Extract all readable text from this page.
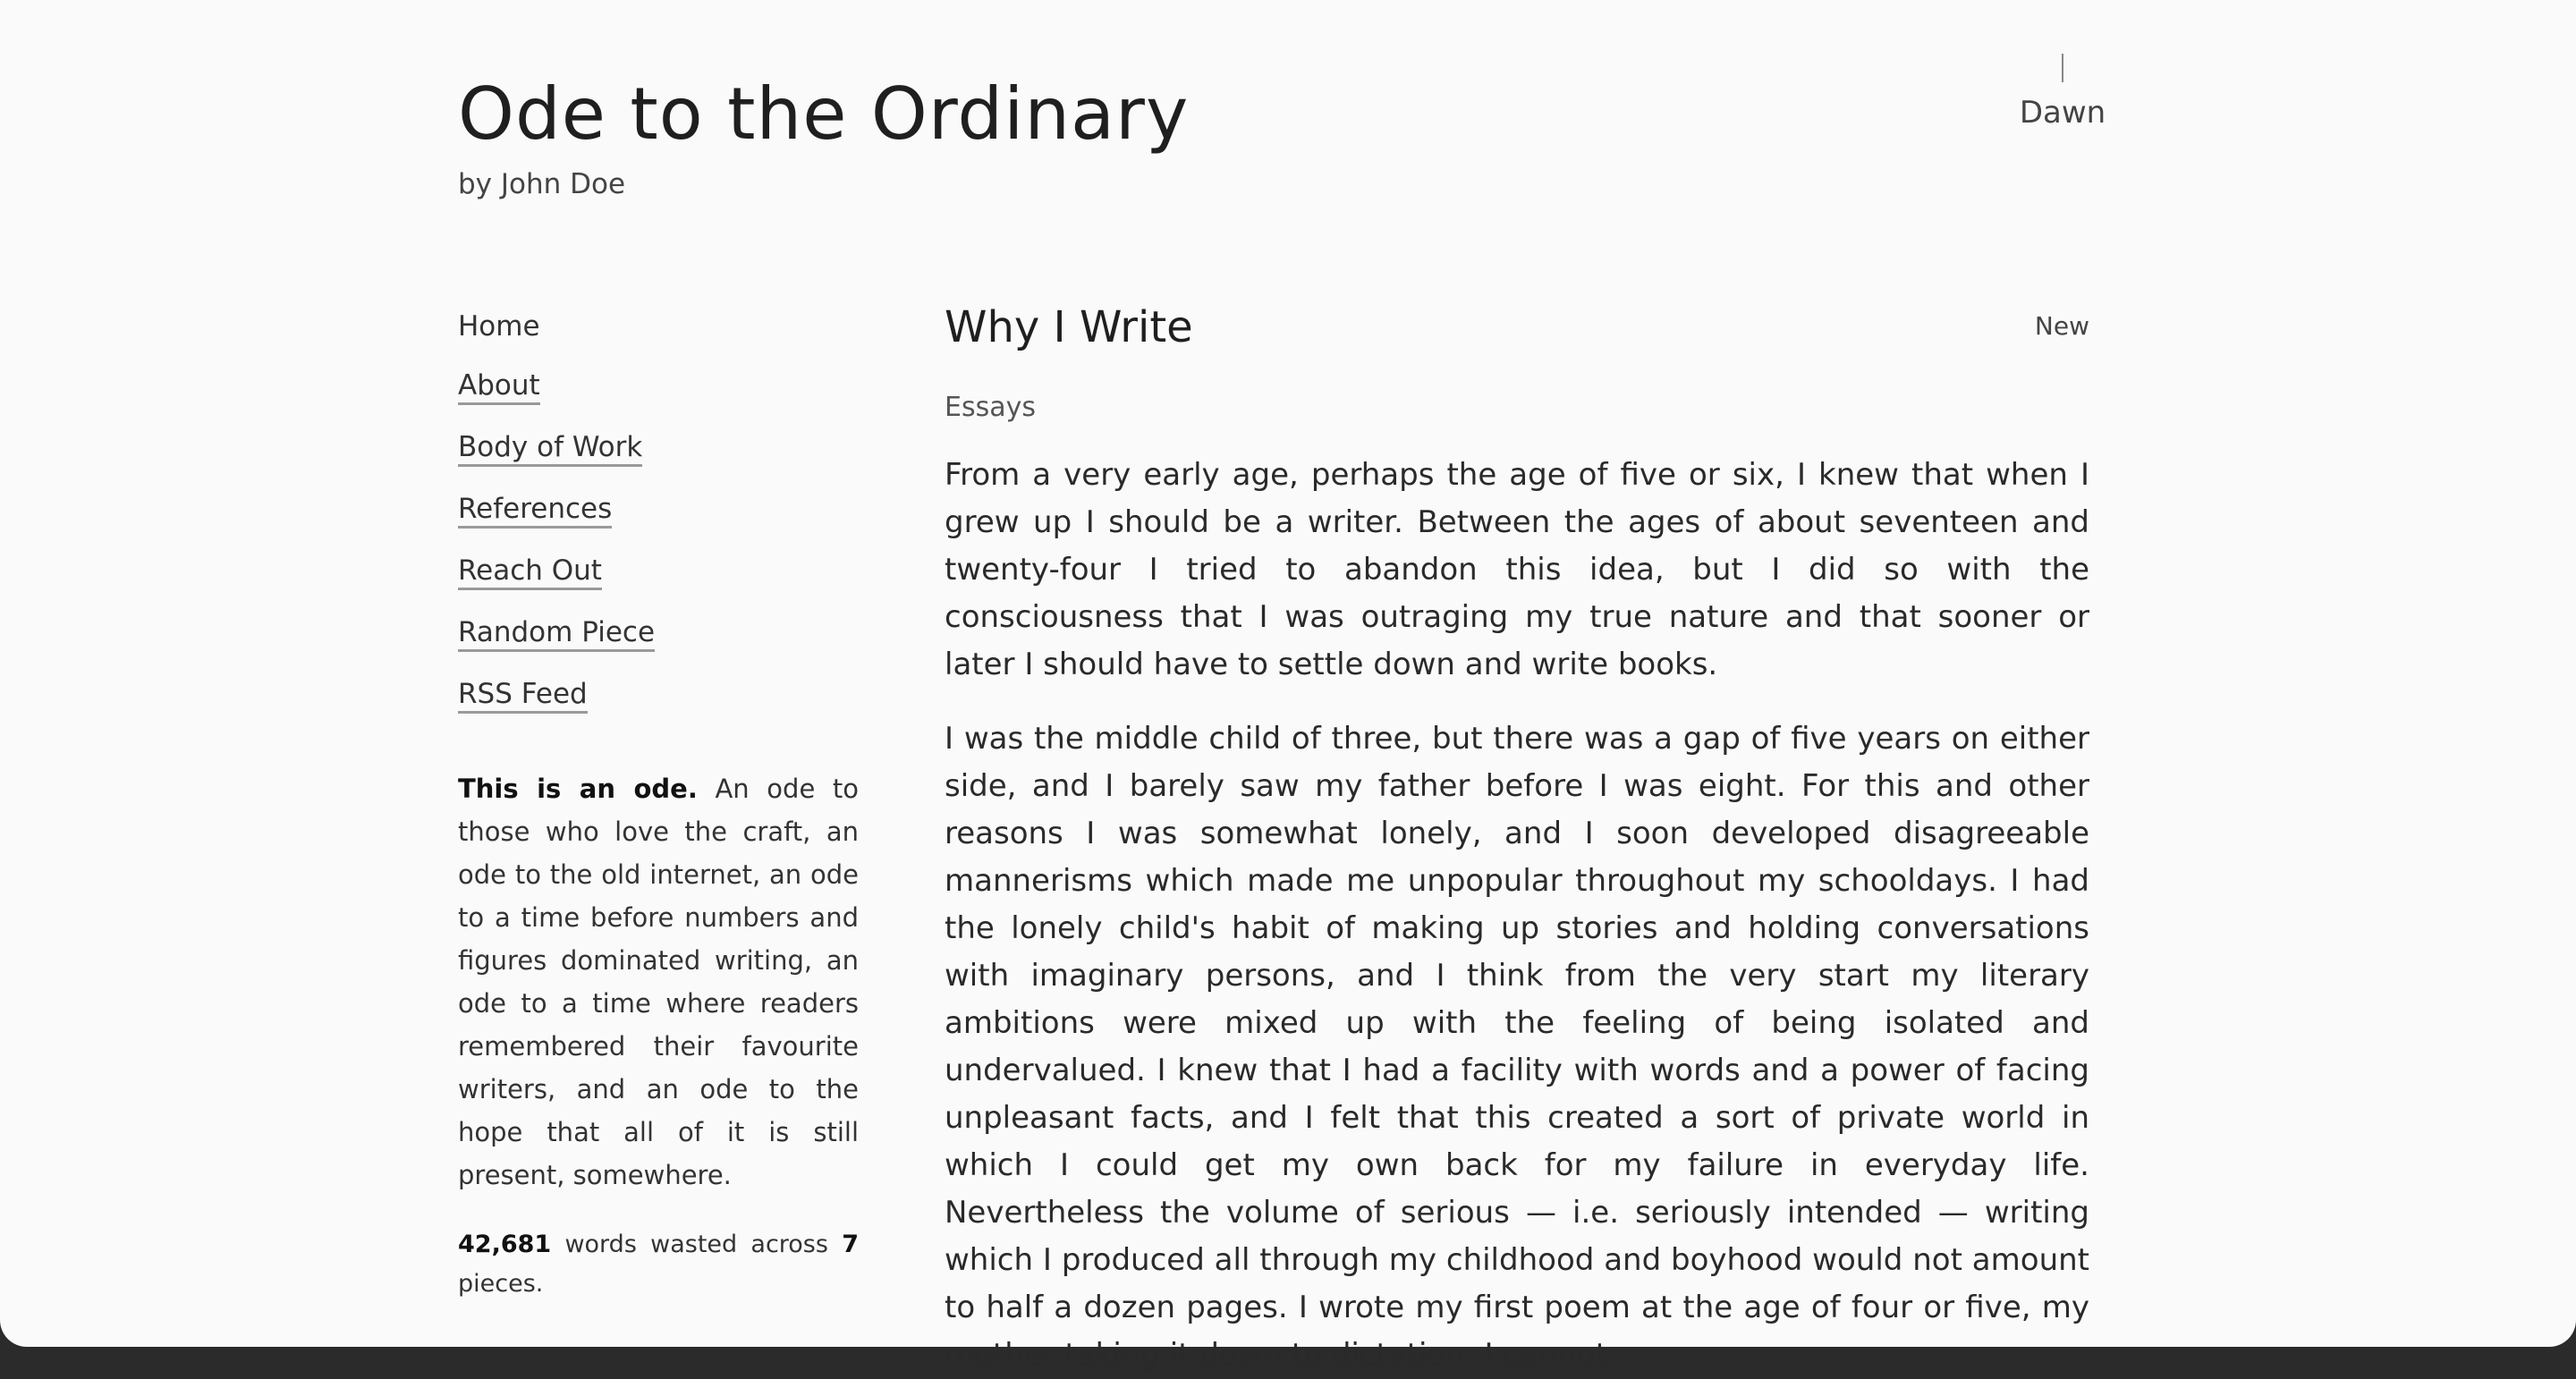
Ode to the Ordinary
by John Doe
Dawn
Home
About
Body of Work
References
Reach Out
Random Piece
RSS Feed
This is an ode. An ode to those who love the craft, an ode to the old internet, an ode to a time before numbers and figures dominated writing, an ode to a time where readers remembered their favourite writers, and an ode to the hope that all of it is still present, somewhere.
42,681 words wasted across 7 pieces.
Why I Write	New
Essays

From a very early age, perhaps the age of five or six, I knew that when I grew up I should be a writer. Between the ages of about seventeen and twenty-four I tried to abandon this idea, but I did so with the consciousness that I was outraging my true nature and that sooner or later I should have to settle down and write books.

I was the middle child of three, but there was a gap of five years on either side, and I barely saw my father before I was eight. For this and other reasons I was somewhat lonely, and I soon developed disagreeable mannerisms which made me unpopular throughout my schooldays. I had the lonely child's habit of making up stories and holding conversations with imaginary persons, and I think from the very start my literary ambitions were mixed up with the feeling of being isolated and undervalued. I knew that I had a facility with words and a power of facing unpleasant facts, and I felt that this created a sort of private world in which I could get my own back for my failure in everyday life. Nevertheless the volume of serious — i.e. seriously intended — writing which I produced all through my childhood and boyhood would not amount to half a dozen pages. I wrote my first poem at the age of four or five, my mother taking it down to dictation. I cannot
